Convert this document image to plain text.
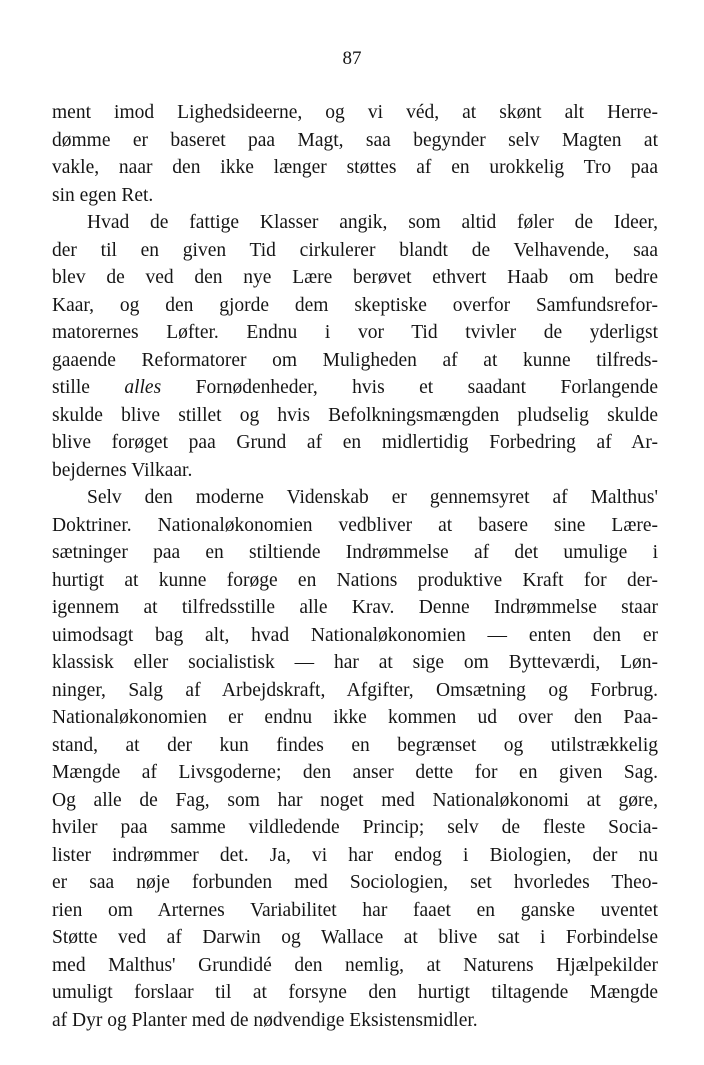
87
ment imod Lighedsideerne, og vi véd, at skønt alt Herre-
dømme er baseret paa Magt, saa begynder selv Magten at
vakle, naar den ikke længer støttes af en urokkelig Tro paa
sin egen Ret.
Hvad de fattige Klasser angik, som altid føler de Ideer,
der til en given Tid cirkulerer blandt de Velhavende, saa
blev de ved den nye Lære berøvet ethvert Haab om bedre
Kaar, og den gjorde dem skeptiske overfor Samfundsrefor-
matorernes Løfter. Endnu i vor Tid tvivler de yderligst
gaaende Reformatorer om Muligheden af at kunne tilfreds-
stille alles Fornødenheder, hvis et saadant Forlangende
skulde blive stillet og hvis Befolkningsmængden pludselig skulde
blive forøget paa Grund af en midlertidig Forbedring af Ar-
bejdernes Vilkaar.
Selv den moderne Videnskab er gennemsyret af Malthus'
Doktriner. Nationaløkonomien vedbliver at basere sine Lære-
sætninger paa en stiltiende Indrømmelse af det umulige i
hurtigt at kunne forøge en Nations produktive Kraft for der-
igennem at tilfredsstille alle Krav. Denne Indrømmelse staar
uimodsagt bag alt, hvad Nationaløkonomien — enten den er
klassisk eller socialistisk — har at sige om Bytteværdi, Løn-
ninger, Salg af Arbejdskraft, Afgifter, Omsætning og Forbrug.
Nationaløkonomien er endnu ikke kommen ud over den Paa-
stand, at der kun findes en begrænset og utilstrækkelig
Mængde af Livsgoderne; den anser dette for en given Sag.
Og alle de Fag, som har noget med Nationaløkonomi at gøre,
hviler paa samme vildledende Princip; selv de fleste Socia-
lister indrømmer det. Ja, vi har endog i Biologien, der nu
er saa nøje forbunden med Sociologien, set hvorledes Theo-
rien om Arternes Variabilitet har faaet en ganske uventet
Støtte ved af Darwin og Wallace at blive sat i Forbindelse
med Malthus' Grundidé den nemlig, at Naturens Hjælpekilder
umuligt forslaar til at forsyne den hurtigt tiltagende Mængde
af Dyr og Planter med de nødvendige Eksistensmidler.
